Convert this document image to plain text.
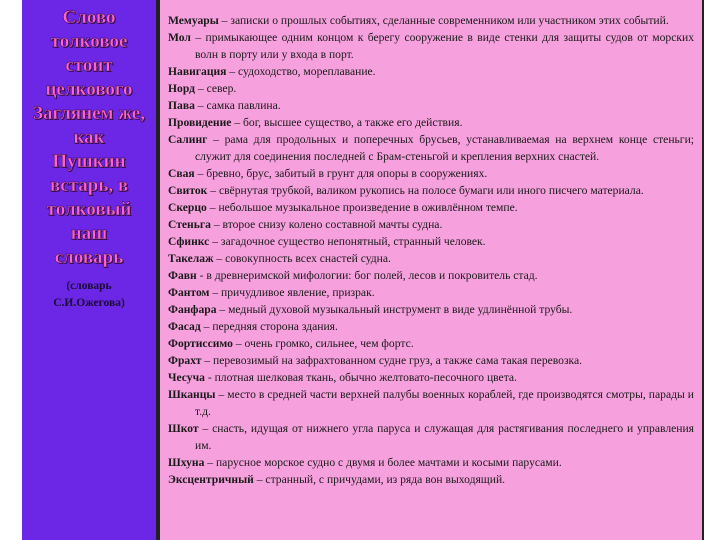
Слово
толковое
стоит
целкового
Заглянем же,
как
Пушкин
встарь, в
толковый
наш
словарь
(словарь
С.И.Ожегова)
Мемуары – записки о прошлых событиях, сделанные современником или участником этих событий.
Мол – примыкающее одним концом к берегу сооружение в виде стенки для защиты судов от морских волн в порту или у входа в порт.
Навигация – судоходство, мореплавание.
Норд – север.
Пава – самка павлина.
Провидение – бог, высшее существо, а также его действия.
Салинг – рама для продольных и поперечных брусьев, устанавливаемая на верхнем конце стеньги; служит для соединения последней с Брам-стеньгой и крепления верхних снастей.
Свая – бревно, брус, забитый в грунт для опоры в сооружениях.
Свиток – свёрнутая трубкой, валиком рукопись на полосе бумаги или иного писчего материала.
Скерцо – небольшое музыкальное произведение в оживлённом темпе.
Стеньга – второе снизу колено составной мачты судна.
Сфинкс – загадочное существо непонятный, странный человек.
Такелаж – совокупность всех снастей судна.
Фавн - в древнеримской мифологии: бог полей, лесов и покровитель стад.
Фантом – причудливое явление, призрак.
Фанфара – медный духовой музыкальный инструмент в виде удлинённой трубы.
Фасад – передняя сторона здания.
Фортиссимо – очень громко, сильнее, чем фортс.
Фрахт – перевозимый на зафрахтованном судне груз, а также сама такая перевозка.
Чесуча - плотная шелковая ткань, обычно желтовато-песочного цвета.
Шканцы – место в средней части верхней палубы военных кораблей, где производятся смотры, парады и т.д.
Шкот – снасть, идущая от нижнего угла паруса и служащая для растягивания последнего и управления им.
Шхуна – парусное морское судно с двумя и более мачтами и косыми парусами.
Эксцентричный – странный, с причудами, из ряда вон выходящий.
